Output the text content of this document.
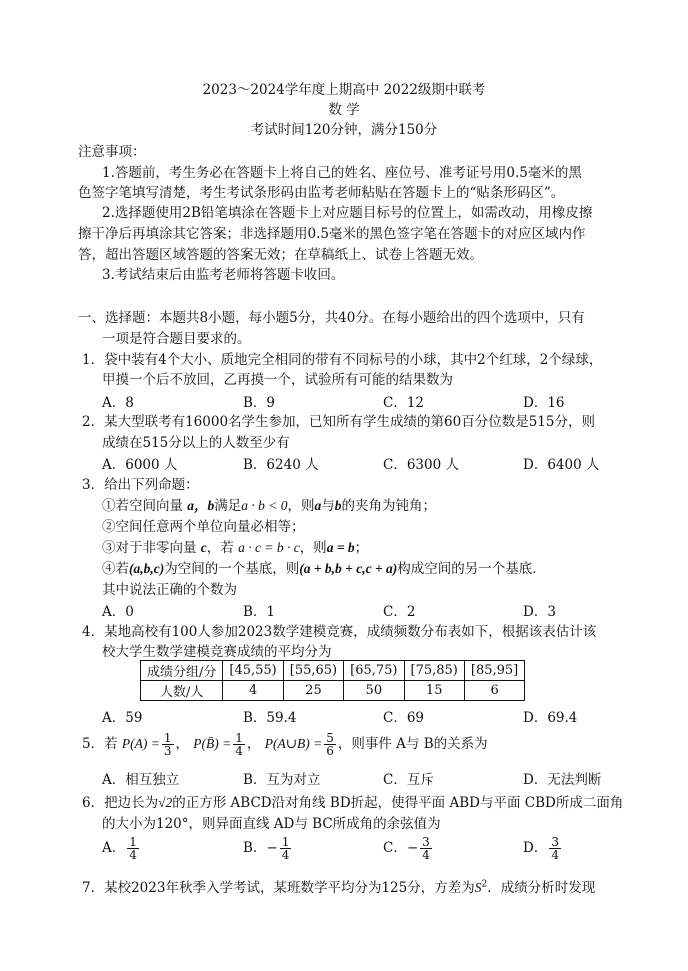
2023～2024学年度上期高中 2022级期中联考
数 学
考试时间120分钟，满分150分
注意事项：
1.答题前，考生务必在答题卡上将自己的姓名、座位号、准考证号用0.5毫米的黑
色签字笔填写清楚，考生考试条形码由监考老师粘贴在答题卡上的“贴条形码区”。
2.选择题使用2B铅笔填涂在答题卡上对应题目标号的位置上，如需改动，用橡皮擦
擦干净后再填涂其它答案；非选择题用0.5毫米的黑色签字笔在答题卡的对应区域内作
答，超出答题区域答题的答案无效；在草稿纸上、试卷上答题无效。
3.考试结束后由监考老师将答题卡收回。
一、选择题：本题共8小题，每小题5分，共40分。在每小题给出的四个选项中，只有
一项是符合题目要求的。
1．袋中装有4个大小、质地完全相同的带有不同标号的小球，其中2个红球，2个绿球，
甲摸一个后不放回，乙再摸一个，试验所有可能的结果数为
A．8	B．9	C．12	D．16
2．某大型联考有16000名学生参加，已知所有学生成绩的第60百分位数是515分，则
成绩在515分以上的人数至少有
A．6000 人	B．6240 人	C．6300 人	D．6400 人
3．给出下列命题：
①若空间向量 a，b满足a · b < 0，则a与b的夹角为钝角；
②空间任意两个单位向量必相等；
③对于非零向量 c，若 a · c = b · c，则a = b；
④若(a,b,c)为空间的一个基底，则(a + b,b + c,c + a)构成空间的另一个基底．
其中说法正确的个数为
A．0	B．1	C．2	D．3
4．某地高校有100人参加2023数学建模竞赛，成绩频数分布表如下，根据该表估计该
校大学生数学建模竞赛成绩的平均分为
成绩分组/分	[45,55)	[55,65)	[65,75)	[75,85)	[85,95]
人数/人	4	25	50	15	6
A．59	B．59.4	C．69	D．69.4
5．若 $P(A) = \frac{1}{3}$ ， P(B̄) = $\frac{1}{4}$ ， P(A∪B) = $\frac{5}{6}$ ，则事件 A与 B的关系为
A．相互独立	B．互为对立	C．互斥	D．无法判断
6．把边长为√2的正方形 ABCD沿对角线 BD折起，使得平面 ABD与平面 CBD所成二面角
的大小为120°，则异面直线 AD与 BC所成角的余弦值为
A． $\frac{1}{4}$	B．− $\frac{1}{4}$	C．− $\frac{3}{4}$	D． $\frac{3}{4}$
7．某校2023年秋季入学考试，某班数学平均分为125分，方差为$S^2$．成绩分析时发现
